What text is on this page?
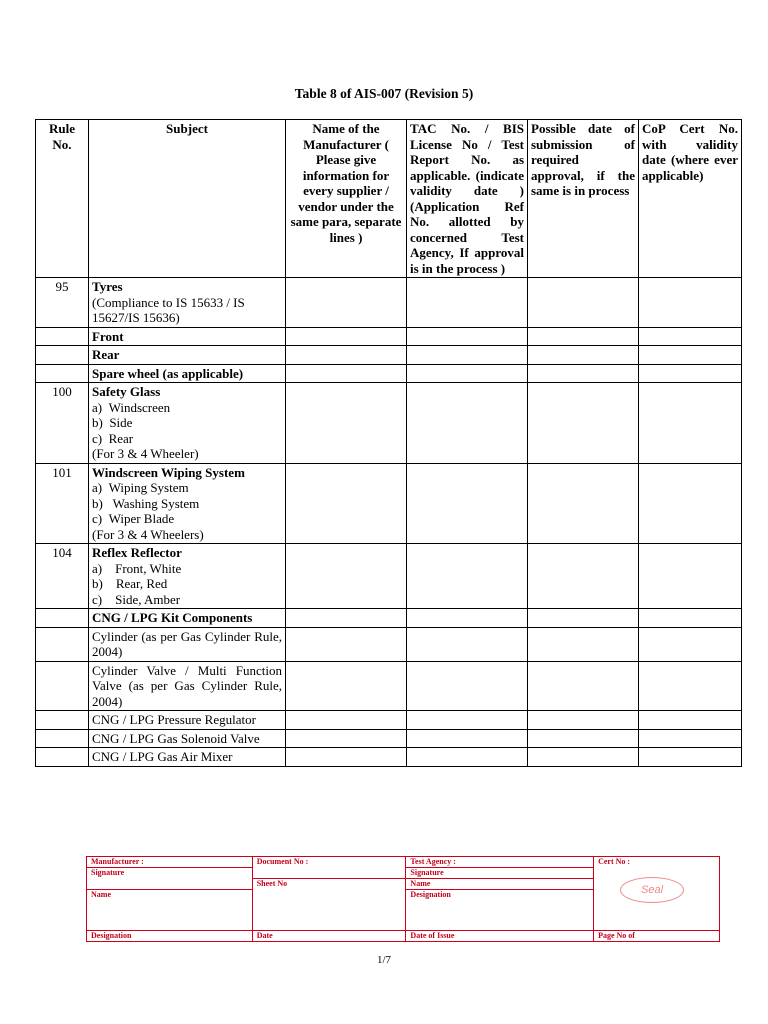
Table 8 of AIS-007 (Revision 5)
Rule No.	Subject	Name of the Manufacturer ( Please give information for every supplier / vendor under the same para, separate lines )	TAC No. / BIS License No / Test Report No. as applicable. (indicate validity date ) (Application Ref No. allotted by concerned Test Agency, If approval is in the process )	Possible date of submission of required approval, if the same is in process	CoP Cert No. with validity date (where ever applicable)
95	Tyres
(Compliance to IS 15633 / IS 15627/IS 15636)				

	Front				
	Rear				
	Spare wheel (as applicable)				
100	Safety Glass
a)  Windscreen
b)  Side
c)  Rear
(For 3 & 4 Wheeler)				

101	Windscreen Wiping System
a)  Wiping System
b)   Washing System
c)  Wiper Blade
(For 3 & 4 Wheelers)				

104	Reflex Reflector
a)    Front, White
b)    Rear, Red
c)    Side, Amber				

	CNG / LPG Kit Components				
	Cylinder (as per Gas Cylinder Rule, 2004)				
	Cylinder Valve / Multi Function Valve (as per Gas Cylinder Rule, 2004)				
	CNG / LPG Pressure Regulator				
	CNG / LPG Gas Solenoid Valve				
	CNG / LPG Gas Air Mixer				
Manufacturer :	Document No :	Test Agency :	Cert No :
Seal
Signature		Signature	
	Sheet No	Name	
Name		Designation	
Designation	Date	Date of Issue	Page No of
1/7
